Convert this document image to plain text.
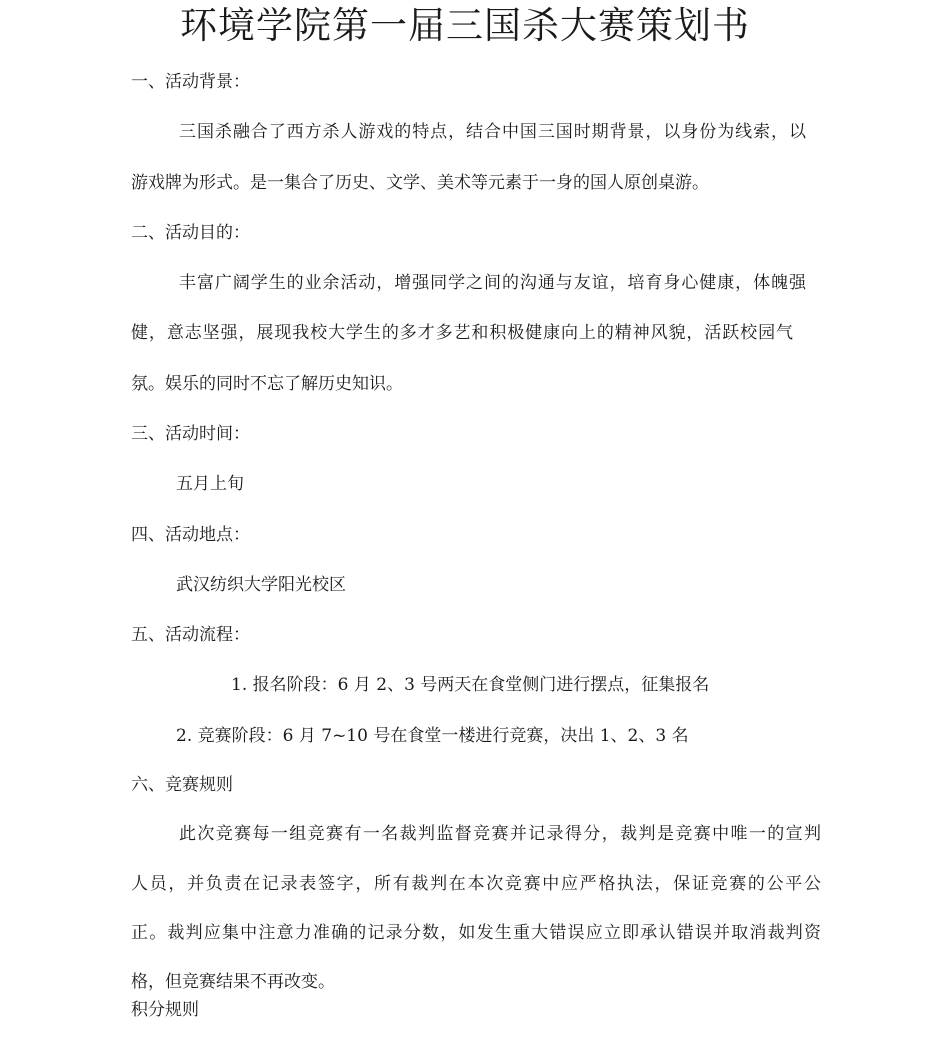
环境学院第一届三国杀大赛策划书
一、活动背景：
三国杀融合了西方杀人游戏的特点，结合中国三国时期背景，以身份为线索，以
游戏牌为形式。是一集合了历史、文学、美术等元素于一身的国人原创桌游。
二、活动目的：
丰富广阔学生的业余活动，增强同学之间的沟通与友谊，培育身心健康，体魄强
健，意志坚强，展现我校大学生的多才多艺和积极健康向上的精神风貌，活跃校园气
氛。娱乐的同时不忘了解历史知识。
三、活动时间：
五月上旬
四、活动地点：
武汉纺织大学阳光校区
五、活动流程：
1. 报名阶段：6 月 2、3 号两天在食堂侧门进行摆点，征集报名
2. 竞赛阶段：6 月 7~10 号在食堂一楼进行竞赛，决出 1、2、3 名
六、竞赛规则
此次竞赛每一组竞赛有一名裁判监督竞赛并记录得分，裁判是竞赛中唯一的宣判
人员，并负责在记录表签字，所有裁判在本次竞赛中应严格执法，保证竞赛的公平公
正。裁判应集中注意力准确的记录分数，如发生重大错误应立即承认错误并取消裁判资
格，但竞赛结果不再改变。
积分规则
